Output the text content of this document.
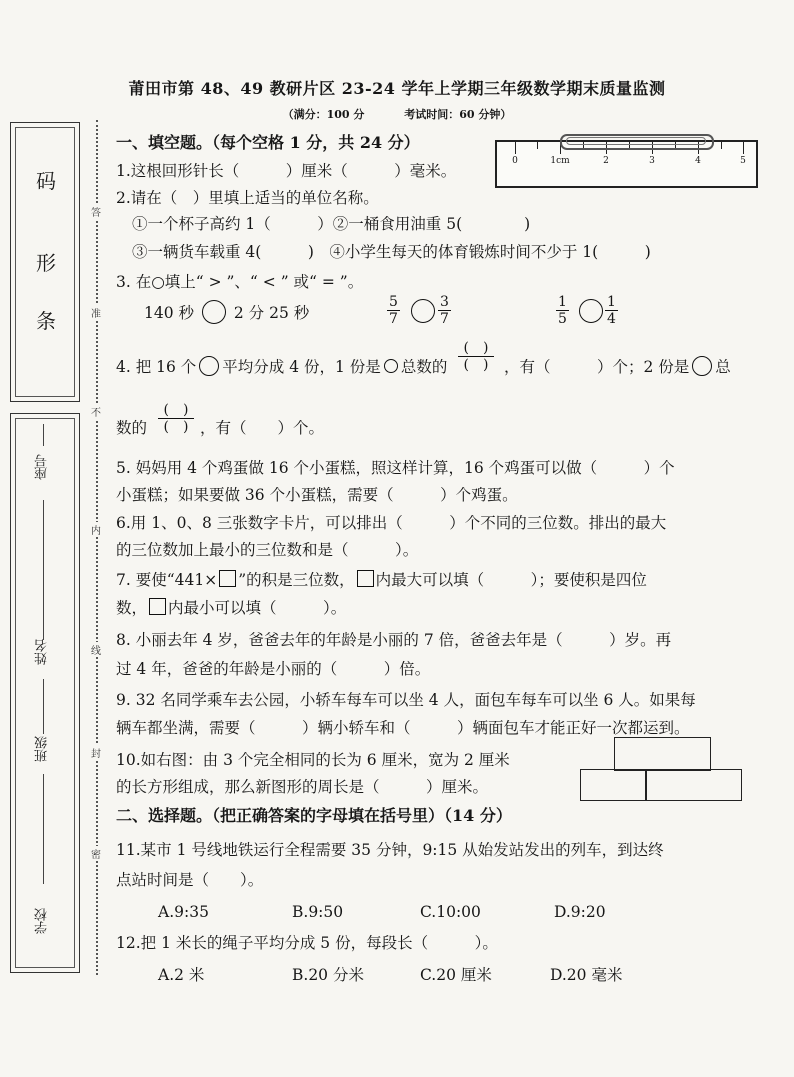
莆田市第 48、49 教研片区 23-24 学年上学期三年级数学期末质量监测
（满分：100 分	考试时间：60 分钟）
码
形
条
座号
姓名
班级
学校
答
准
不
内
线
封
密
一、填空题。（每个空格 1 分，共 24 分）
1.这根回形针长（　　　）厘米（　　　）毫米。
0	1cm	2	3	4	5
2.请在（　）里填上适当的单位名称。
①一个杯子高约 1（　　　）②一桶食用油重 5(　　　　)
③一辆货车载重 4(　　　)　④小学生每天的体育锻炼时间不少于 1(　　　)
3. 在○填上“ > ”、“ < ” 或“ = ”。
140 秒	2 分 25 秒	$\frac{5}{7}$	$\frac{3}{7}$	$\frac{1}{5}$	$\frac{1}{4}$
4. 把 16 个 平均分成 4 份，1 份是 总数的
(　)
(　)	，有（　　　）个；2 份是 总
数的
(　)
(　) ，有（　　）个。
5. 妈妈用 4 个鸡蛋做 16 个小蛋糕，照这样计算，16 个鸡蛋可以做（　　　）个
小蛋糕；如果要做 36 个小蛋糕，需要（　　　）个鸡蛋。
6.用 1、0、8 三张数字卡片，可以排出（　　　）个不同的三位数。排出的最大
的三位数加上最小的三位数和是（　　　）。
7. 要使“441× ”的积是三位数， 内最大可以填（　　　）；要使积是四位
数， 内最小可以填（　　　）。
8. 小丽去年 4 岁，爸爸去年的年龄是小丽的 7 倍，爸爸去年是（　　　）岁。再
过 4 年，爸爸的年龄是小丽的（　　　）倍。
9. 32 名同学乘车去公园，小轿车每车可以坐 4 人，面包车每车可以坐 6 人。如果每
辆车都坐满，需要（　　　）辆小轿车和（　　　）辆面包车才能正好一次都运到。
10.如右图：由 3 个完全相同的长为 6 厘米，宽为 2 厘米
的长方形组成，那么新图形的周长是（　　　）厘米。
二、选择题。（把正确答案的字母填在括号里）（14 分）
11.某市 1 号线地铁运行全程需要 35 分钟，9:15 从始发站发出的列车，到达终
点站时间是（　　）。
A.9:35	B.9:50	C.10:00	D.9:20
12.把 1 米长的绳子平均分成 5 份，每段长（　　　）。
A.2 米	B.20 分米	C.20 厘米	D.20 毫米
